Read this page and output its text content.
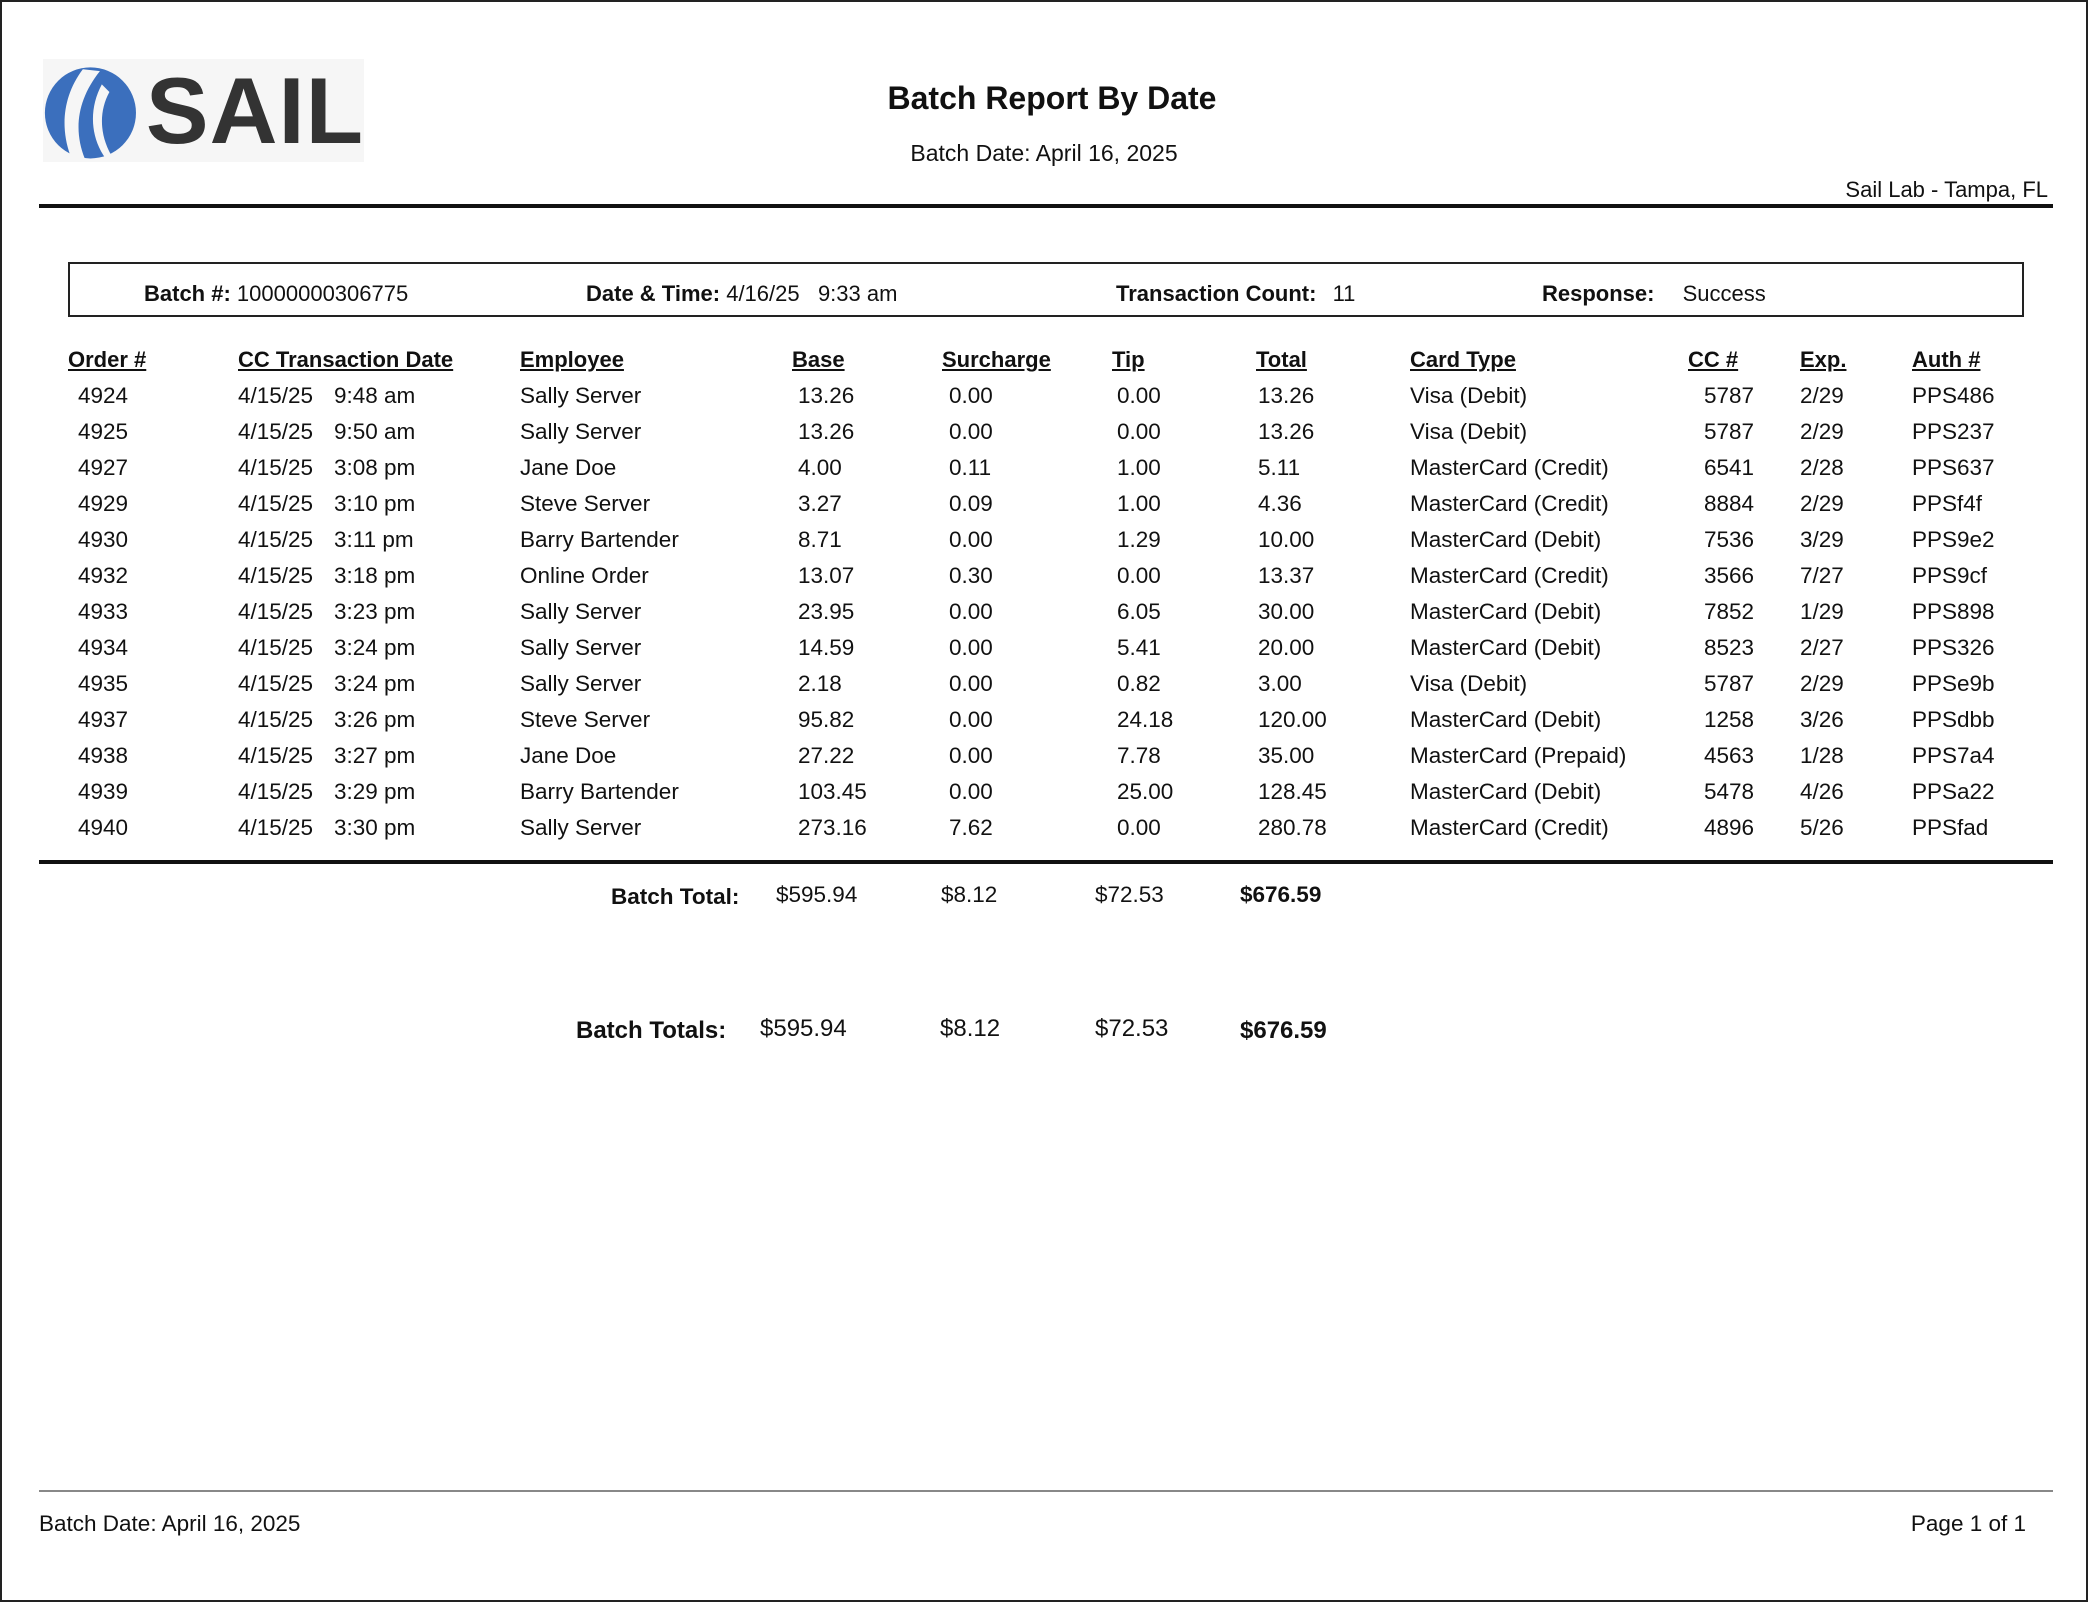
SAIL	Batch Report By Date
Batch Date: April 16, 2025
Sail Lab - Tampa, FL
Batch #: 10000000306775	Date & Time: 4/16/25   9:33 am	Transaction Count: 11	Response: Success
Order #	CC Transaction Date	Employee	Base	Surcharge	Tip	Total	Card Type	CC #	Exp.	Auth #
4924	4/15/25 9:48 am	Sally Server	13.26	0.00	0.00	13.26	Visa (Debit)	5787 2/29	PPS486
4925	4/15/25 9:50 am	Sally Server	13.26	0.00	0.00	13.26	Visa (Debit)	5787 2/29	PPS237
4927	4/15/25 3:08 pm	Jane Doe	4.00	0.11	1.00	5.11	MasterCard (Credit)	6541 2/28	PPS637
4929	4/15/25 3:10 pm	Steve Server	3.27	0.09	1.00	4.36	MasterCard (Credit)	8884 2/29	PPSf4f
4930	4/15/25 3:11 pm	Barry Bartender	8.71	0.00	1.29	10.00	MasterCard (Debit)	7536 3/29	PPS9e2
4932	4/15/25 3:18 pm	Online Order	13.07	0.30	0.00	13.37	MasterCard (Credit)	3566 7/27	PPS9cf
4933	4/15/25 3:23 pm	Sally Server	23.95	0.00	6.05	30.00	MasterCard (Debit)	7852 1/29	PPS898
4934	4/15/25 3:24 pm	Sally Server	14.59	0.00	5.41	20.00	MasterCard (Debit)	8523 2/27	PPS326
4935	4/15/25 3:24 pm	Sally Server	2.18	0.00	0.82	3.00	Visa (Debit)	5787 2/29	PPSe9b
4937	4/15/25 3:26 pm	Steve Server	95.82	0.00	24.18	120.00	MasterCard (Debit)	1258 3/26	PPSdbb
4938	4/15/25 3:27 pm	Jane Doe	27.22	0.00	7.78	35.00	MasterCard (Prepaid)	4563 1/28	PPS7a4
4939	4/15/25 3:29 pm	Barry Bartender	103.45	0.00	25.00	128.45	MasterCard (Debit)	5478 4/26	PPSa22
4940	4/15/25 3:30 pm	Sally Server	273.16	7.62	0.00	280.78	MasterCard (Credit)	4896 5/26	PPSfad
Batch Total: $595.94	$8.12	$72.53	$676.59
Batch Totals: $595.94	$8.12	$72.53	$676.59
Batch Date: April 16, 2025	Page 1 of 1
